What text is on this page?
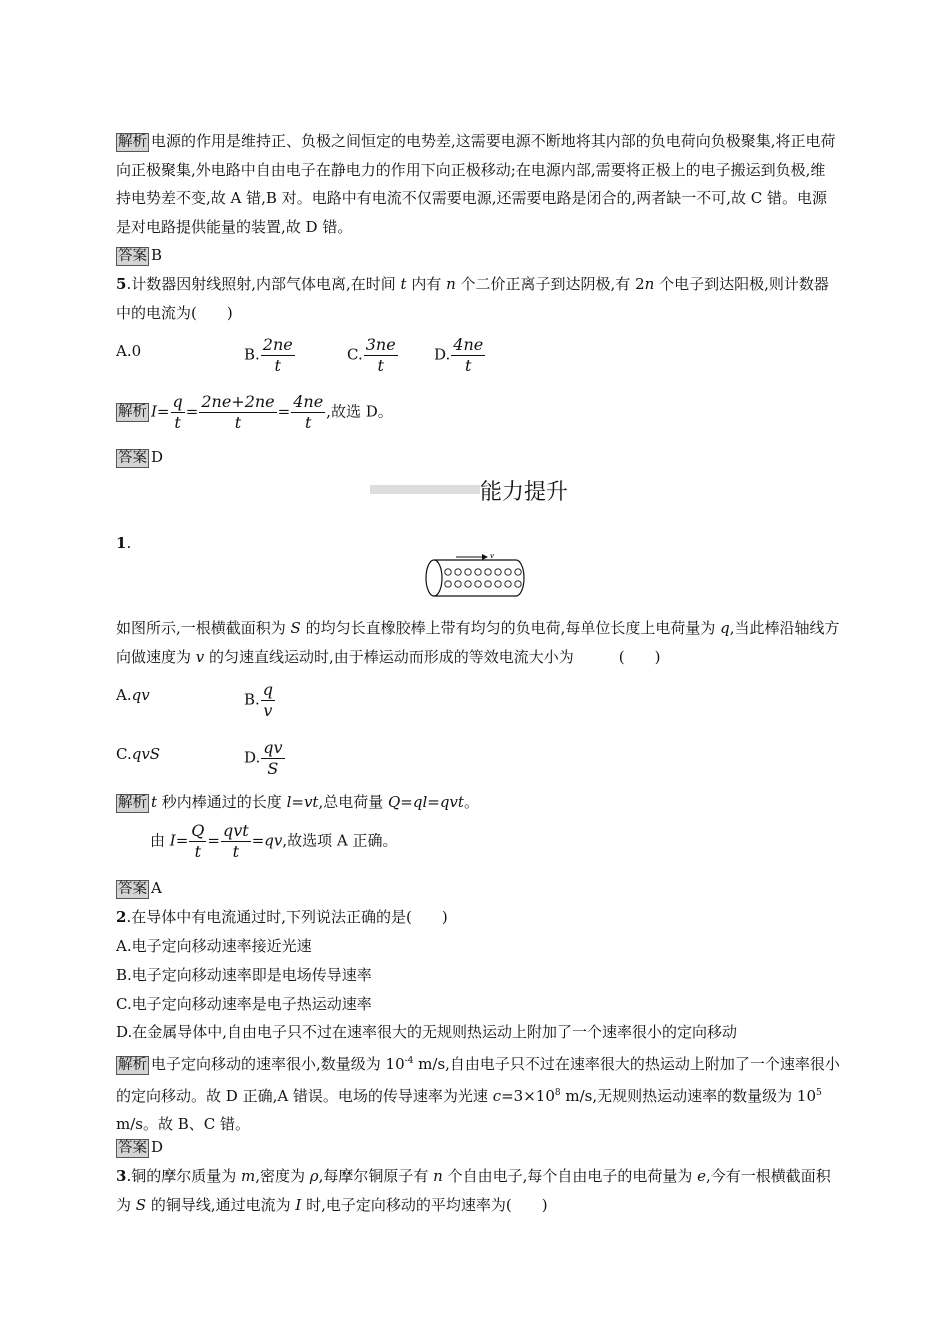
解析 电源的作用是维持正、负极之间恒定的电势差,这需要电源不断地将其内部的负电荷向负极聚集,将正电荷向正极聚集,外电路中自由电子在静电力的作用下向正极移动;在电源内部,需要将正极上的电子搬运到负极,维持电势差不变,故 A 错,B 对。电路中有电流不仅需要电源,还需要电路是闭合的,两者缺一不可,故 C 错。电源是对电路提供能量的装置,故 D 错。
答案 B
5.计数器因射线照射,内部气体电离,在时间 t 内有 n 个二价正离子到达阴极,有 2n 个电子到达阳极,则计数器中的电流为(　　)
A.0	B. $\frac{2ne}{t}$	C. $\frac{3ne}{t} D$. $\frac{4ne}{t}$
解析 $I= \frac{q}{t} = \frac{2ne+2ne}{t} = \frac{4ne}{t}$ ,故选 D。
答案 D
能力提升
1.
v
如图所示,一根横截面积为 S 的均匀长直橡胶棒上带有均匀的负电荷,每单位长度上电荷量为 q,当此棒沿轴线方向做速度为 v 的匀速直线运动时,由于棒运动而形成的等效电流大小为　　　(　　)
A.qv	B. $\frac{q}{v}$
C.qvS	D. $\frac{qv}{S}$
解析 t 秒内棒通过的长度 l=vt,总电荷量 Q=ql=qvt。
由 $I= \frac{Q}{t} = \frac{\text{qvt}}{t} =qv$,故选项 A 正确。
答案 A
2.在导体中有电流通过时,下列说法正确的是(　　)
A.电子定向移动速率接近光速
B.电子定向移动速率即是电场传导速率
C.电子定向移动速率是电子热运动速率
D.在金属导体中,自由电子只不过在速率很大的无规则热运动上附加了一个速率很小的定向移动
解析 电子定向移动的速率很小,数量级为 $10^{-4}$ m/s,自由电子只不过在速率很大的热运动上附加了一个速率很小的定向移动。故 D 正确,A 错误。电场的传导速率为光速 $c=3\times 10^8$ m/s,无规则热运动速率的数量级为 $10^5$ m/s。故 B、C 错。
答案 D
3.铜的摩尔质量为 m,密度为 ρ,每摩尔铜原子有 n 个自由电子,每个自由电子的电荷量为 e,今有一根横截面积为 S 的铜导线,通过电流为 I 时,电子定向移动的平均速率为(　　)
